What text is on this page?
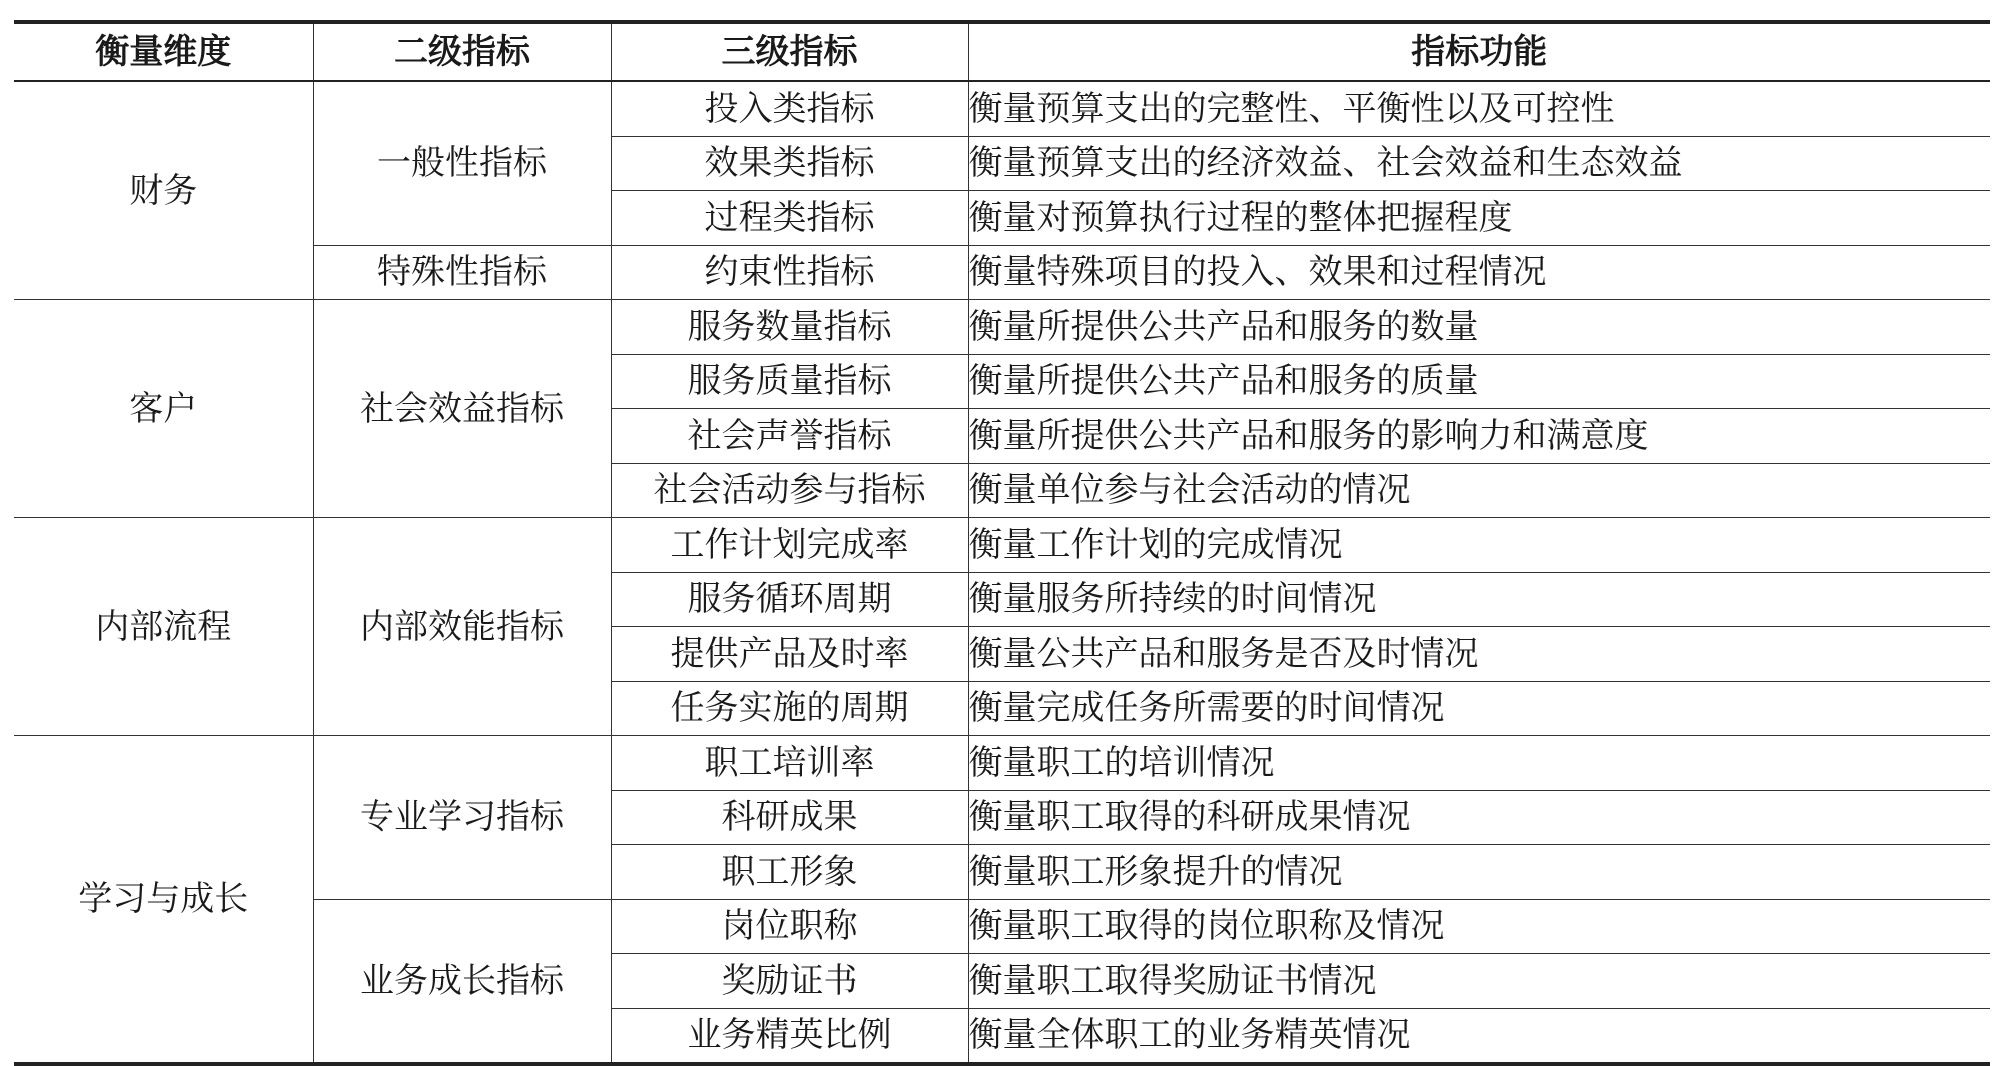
衡量维度	二级指标	三级指标	指标功能
财务	一般性指标	投入类指标	衡量预算支出的完整性、平衡性以及可控性
		效果类指标	衡量预算支出的经济效益、社会效益和生态效益
		过程类指标	衡量对预算执行过程的整体把握程度
	特殊性指标	约束性指标	衡量特殊项目的投入、效果和过程情况
客户	社会效益指标	服务数量指标	衡量所提供公共产品和服务的数量
		服务质量指标	衡量所提供公共产品和服务的质量
		社会声誉指标	衡量所提供公共产品和服务的影响力和满意度
		社会活动参与指标	衡量单位参与社会活动的情况
内部流程	内部效能指标	工作计划完成率	衡量工作计划的完成情况
		服务循环周期	衡量服务所持续的时间情况
		提供产品及时率	衡量公共产品和服务是否及时情况
		任务实施的周期	衡量完成任务所需要的时间情况
学习与成长	专业学习指标	职工培训率	衡量职工的培训情况
		科研成果	衡量职工取得的科研成果情况
		职工形象	衡量职工形象提升的情况
	业务成长指标	岗位职称	衡量职工取得的岗位职称及情况
		奖励证书	衡量职工取得奖励证书情况
		业务精英比例	衡量全体职工的业务精英情况
